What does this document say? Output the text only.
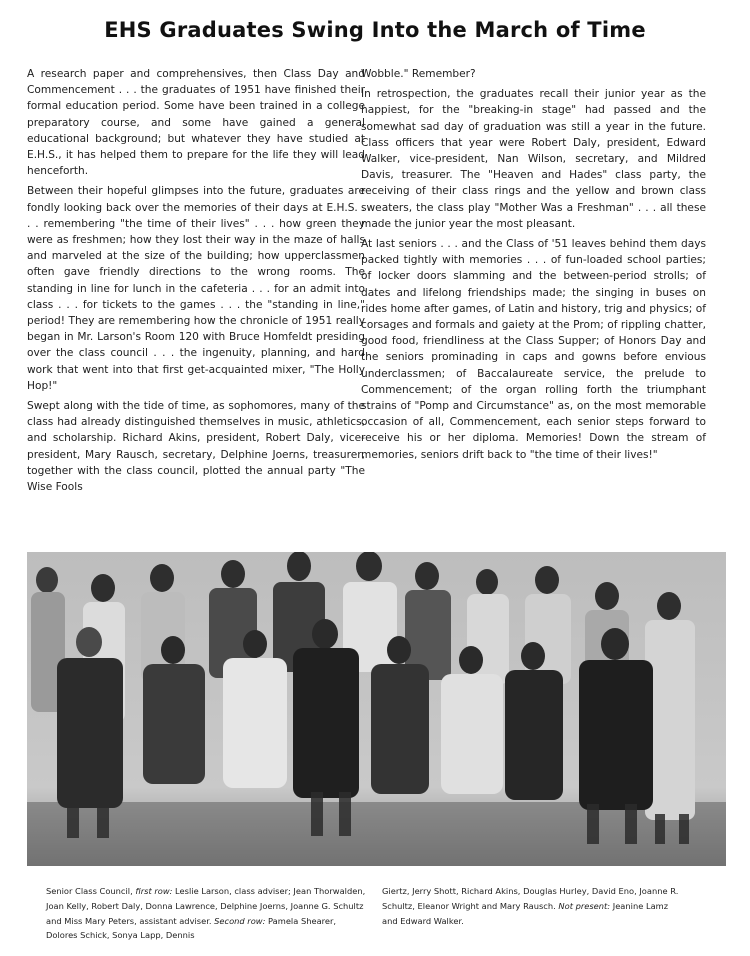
EHS Graduates Swing Into the March of Time

A research paper and comprehensives, then Class Day and Commencement . . . the graduates of 1951 have finished their formal education period. Some have been trained in a college preparatory course, and some have gained a general educational background; but whatever they have studied at E.H.S., it has helped them to prepare for the life they will lead henceforth.

Between their hopeful glimpses into the future, graduates are fondly looking back over the memories of their days at E.H.S. . . . remembering "the time of their lives" . . . how green they were as freshmen; how they lost their way in the maze of halls and marveled at the size of the building; how upperclassmen often gave friendly directions to the wrong rooms. The standing in line for lunch in the cafeteria . . . for an admit into class . . . for tickets to the games . . . the "standing in line," period! They are remembering how the chronicle of 1951 really began in Mr. Larson's Room 120 with Bruce Homfeldt presiding over the class council . . . the ingenuity, planning, and hard work that went into that first get-acquainted mixer, "The Holly Hop!"

Swept along with the tide of time, as sophomores, many of the class had already distinguished themselves in music, athletics, and scholarship. Richard Akins, president, Robert Daly, vice-president, Mary Rausch, secretary, Delphine Joerns, treasurer, together with the class council, plotted the annual party "The Wise Fools

Wobble." Remember?

In retrospection, the graduates recall their junior year as the happiest, for the "breaking-in stage" had passed and the somewhat sad day of graduation was still a year in the future. Class officers that year were Robert Daly, president, Edward Walker, vice-president, Nan Wilson, secretary, and Mildred Davis, treasurer. The "Heaven and Hades" class party, the receiving of their class rings and the yellow and brown class sweaters, the class play "Mother Was a Freshman" . . . all these made the junior year the most pleasant.

At last seniors . . . and the Class of '51 leaves behind them days packed tightly with memories . . . of fun-loaded school parties; of locker doors slamming and the between-period strolls; of dates and lifelong friendships made; the singing in buses on rides home after games, of Latin and history, trig and physics; of corsages and formals and gaiety at the Prom; of rippling chatter, good food, friendliness at the Class Supper; of Honors Day and the seniors prominading in caps and gowns before envious underclassmen; of Baccalaureate service, the prelude to Commencement; of the organ rolling forth the triumphant strains of "Pomp and Circumstance" as, on the most memorable occasion of all, Commencement, each senior steps forward to receive his or her diploma. Memories! Down the stream of memories, seniors drift back to "the time of their lives!"

Senior Class Council, first row: Leslie Larson, class adviser; Jean Thorwalden, Joan Kelly, Robert Daly, Donna Lawrence, Delphine Joerns, Joanne G. Schultz and Miss Mary Peters, assistant adviser. Second row: Pamela Shearer, Dolores Schick, Sonya Lapp, Dennis
Giertz, Jerry Shott, Richard Akins, Douglas Hurley, David Eno, Joanne R. Schultz, Eleanor Wright and Mary Rausch. Not present: Jeanine Lamz and Edward Walker.
